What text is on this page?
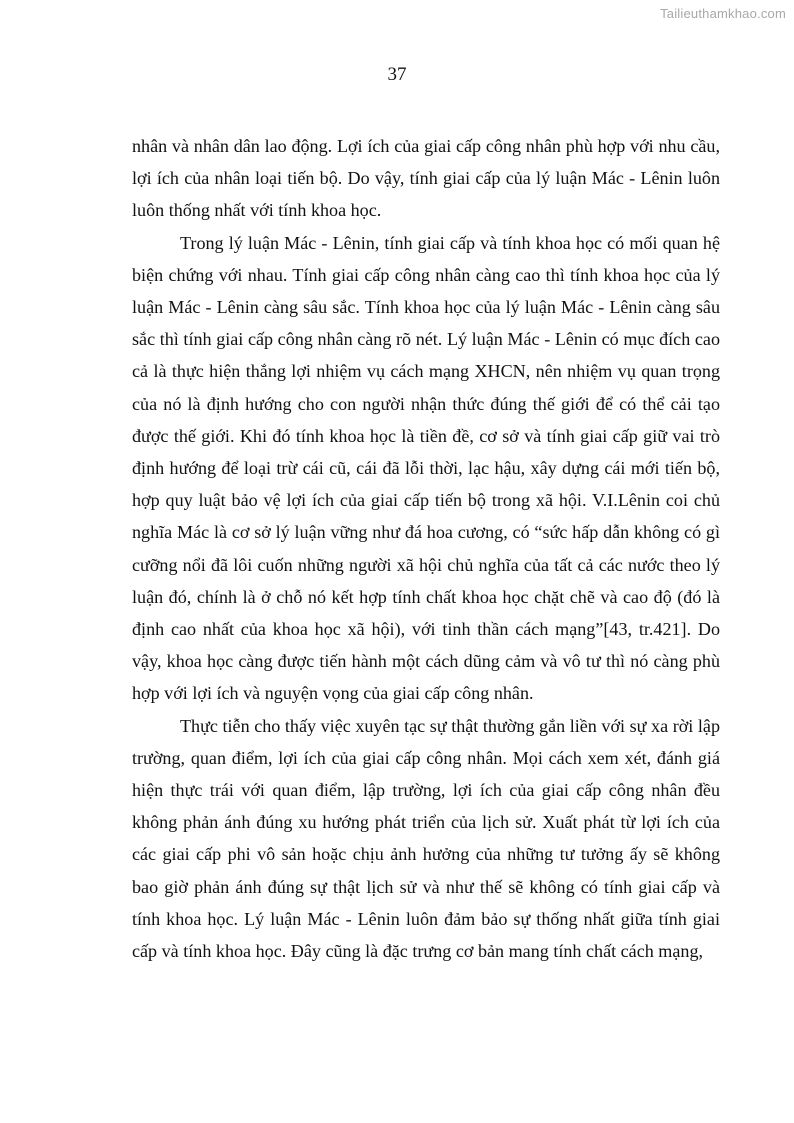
Tailieuthamkhao.com
37

nhân và nhân dân lao động. Lợi ích của giai cấp công nhân phù hợp với nhu cầu, lợi ích của nhân loại tiến bộ. Do vậy, tính giai cấp của lý luận Mác - Lênin luôn luôn thống nhất với tính khoa học.

Trong lý luận Mác - Lênin, tính giai cấp và tính khoa học có mối quan hệ biện chứng với nhau. Tính giai cấp công nhân càng cao thì tính khoa học của lý luận Mác - Lênin càng sâu sắc. Tính khoa học của lý luận Mác - Lênin càng sâu sắc thì tính giai cấp công nhân càng rõ nét. Lý luận Mác - Lênin có mục đích cao cả là thực hiện thắng lợi nhiệm vụ cách mạng XHCN, nên nhiệm vụ quan trọng của nó là định hướng cho con người nhận thức đúng thế giới để có thể cải tạo được thế giới. Khi đó tính khoa học là tiền đề, cơ sở và tính giai cấp giữ vai trò định hướng để loại trừ cái cũ, cái đã lỗi thời, lạc hậu, xây dựng cái mới tiến bộ, hợp quy luật bảo vệ lợi ích của giai cấp tiến bộ trong xã hội. V.I.Lênin coi chủ nghĩa Mác là cơ sở lý luận vững như đá hoa cương, có “sức hấp dẫn không có gì cưỡng nổi đã lôi cuốn những người xã hội chủ nghĩa của tất cả các nước theo lý luận đó, chính là ở chỗ nó kết hợp tính chất khoa học chặt chẽ và cao độ (đó là định cao nhất của khoa học xã hội), với tinh thần cách mạng”[43, tr.421]. Do vậy, khoa học càng được tiến hành một cách dũng cảm và vô tư thì nó càng phù hợp với lợi ích và nguyện vọng của giai cấp công nhân.

Thực tiễn cho thấy việc xuyên tạc sự thật thường gắn liền với sự xa rời lập trường, quan điểm, lợi ích của giai cấp công nhân. Mọi cách xem xét, đánh giá hiện thực trái với quan điểm, lập trường, lợi ích của giai cấp công nhân đều không phản ánh đúng xu hướng phát triển của lịch sử. Xuất phát từ lợi ích của các giai cấp phi vô sản hoặc chịu ảnh hưởng của những tư tưởng ấy sẽ không bao giờ phản ánh đúng sự thật lịch sử và như thế sẽ không có tính giai cấp và tính khoa học. Lý luận Mác - Lênin luôn đảm bảo sự thống nhất giữa tính giai cấp và tính khoa học. Đây cũng là đặc trưng cơ bản mang tính chất cách mạng,
